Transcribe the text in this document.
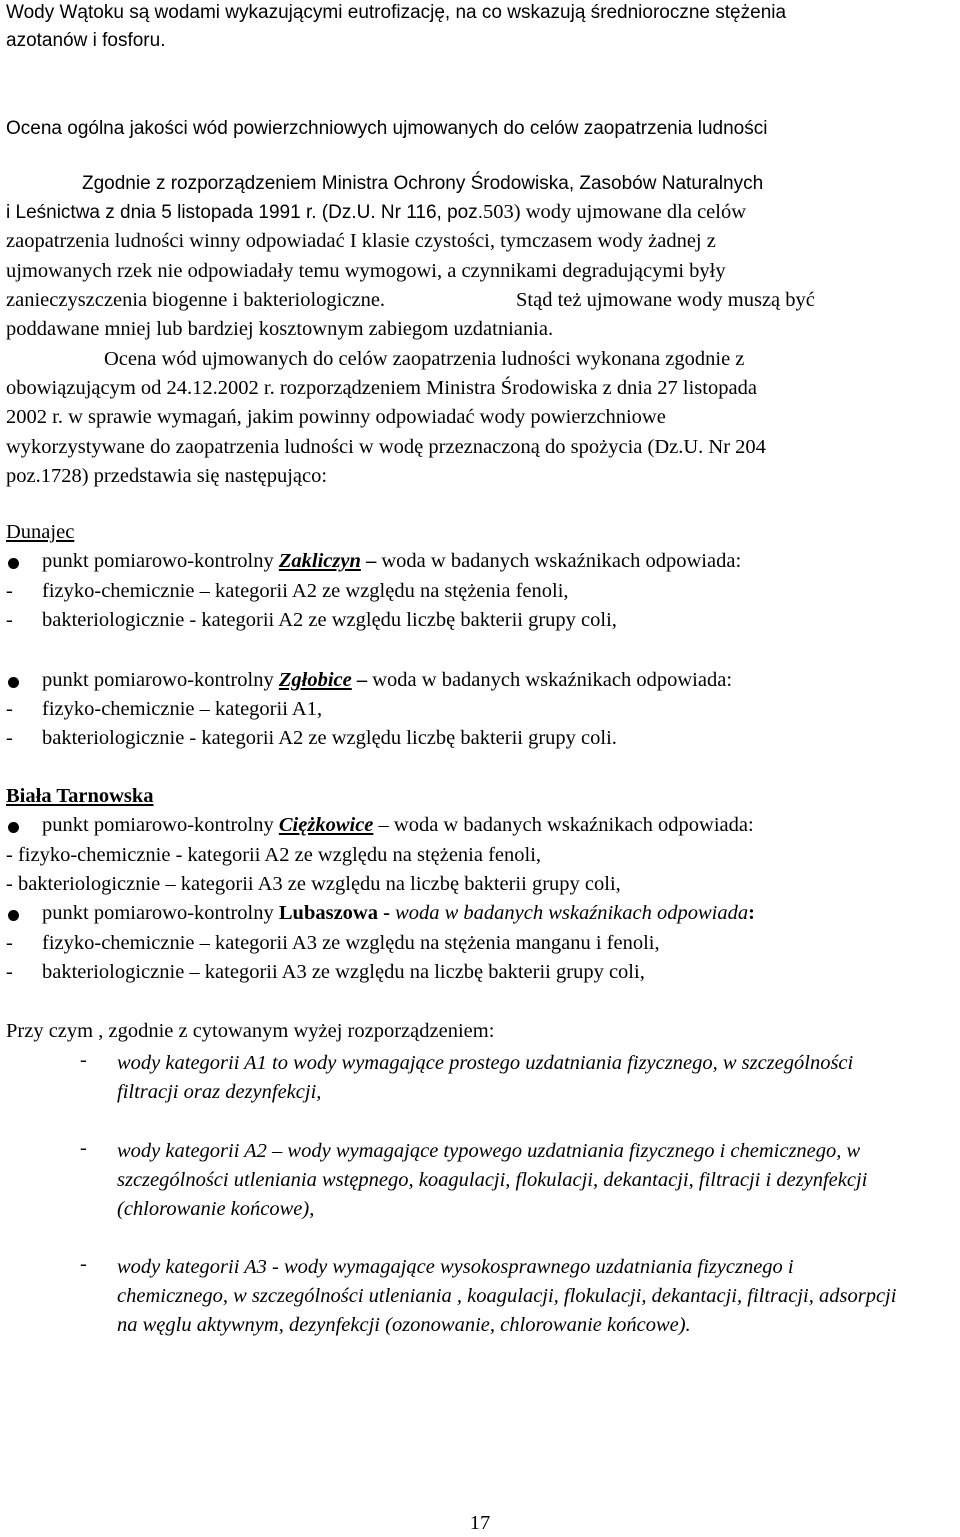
Wody Wątoku są wodami wykazującymi eutrofizację, na co wskazują średnioroczne stężenia

azotanów i fosforu.

Ocena ogólna jakości wód powierzchniowych ujmowanych do celów zaopatrzenia ludności

Zgodnie z rozporządzeniem Ministra Ochrony Środowiska, Zasobów Naturalnych

i Leśnictwa z dnia 5 listopada 1991 r. (Dz.U. Nr 116, poz.503) wody ujmowane dla celów

zaopatrzenia ludności winny odpowiadać I klasie czystości, tymczasem wody żadnej z

ujmowanych rzek nie odpowiadały temu wymogowi, a czynnikami degradującymi były

zanieczyszczenia biogenne i bakteriologiczne.	Stąd też ujmowane wody muszą być

poddawane mniej lub bardziej kosztownym zabiegom uzdatniania.

Ocena wód ujmowanych do celów zaopatrzenia ludności wykonana zgodnie z

obowiązującym od 24.12.2002 r. rozporządzeniem Ministra Środowiska z dnia 27 listopada

2002 r. w sprawie wymagań, jakim powinny odpowiadać wody powierzchniowe

wykorzystywane do zaopatrzenia ludności w wodę przeznaczoną do spożycia (Dz.U. Nr 204

poz.1728) przedstawia się następująco:

Dunajec

punkt pomiarowo-kontrolny Zakliczyn – woda w badanych wskaźnikach odpowiada:

- fizyko-chemicznie – kategorii A2 ze względu na stężenia fenoli,

- bakteriologicznie - kategorii A2 ze względu liczbę bakterii grupy coli,

punkt pomiarowo-kontrolny Zgłobice – woda w badanych wskaźnikach odpowiada:

- fizyko-chemicznie – kategorii A1,

- bakteriologicznie - kategorii A2 ze względu liczbę bakterii grupy coli.

Biała Tarnowska

punkt pomiarowo-kontrolny Ciężkowice – woda w badanych wskaźnikach odpowiada:

- fizyko-chemicznie - kategorii A2 ze względu na stężenia fenoli,

- bakteriologicznie – kategorii A3 ze względu na liczbę bakterii grupy coli,

punkt pomiarowo-kontrolny Lubaszowa - woda w badanych wskaźnikach odpowiada:

- fizyko-chemicznie – kategorii A3 ze względu na stężenia manganu i fenoli,

- bakteriologicznie – kategorii A3 ze względu na liczbę bakterii grupy coli,

Przy czym , zgodnie z cytowanym wyżej rozporządzeniem:

- wody kategorii A1 to wody wymagające prostego uzdatniania fizycznego, w szczególności filtracji oraz dezynfekcji,

- wody kategorii A2 – wody wymagające typowego uzdatniania fizycznego i chemicznego, w szczególności utleniania wstępnego, koagulacji, flokulacji, dekantacji, filtracji i dezynfekcji (chlorowanie końcowe),

- wody kategorii A3 - wody wymagające wysokosprawnego uzdatniania fizycznego i chemicznego, w szczególności utleniania , koagulacji, flokulacji, dekantacji, filtracji, adsorpcji na węglu aktywnym, dezynfekcji (ozonowanie, chlorowanie końcowe).

17
